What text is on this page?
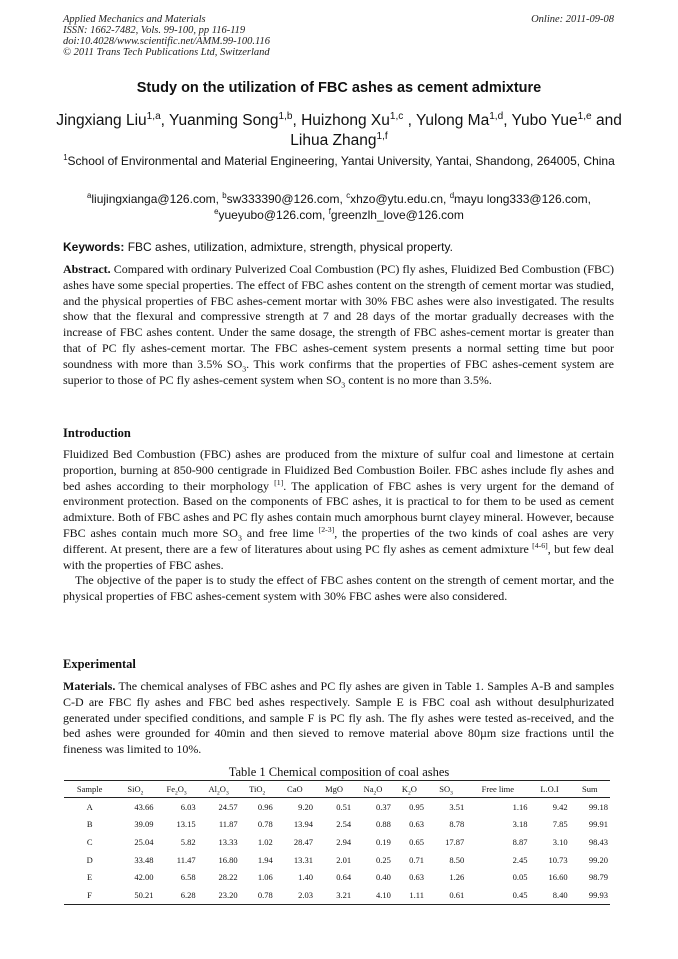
Applied Mechanics and Materials
ISSN: 1662-7482, Vols. 99-100, pp 116-119
doi:10.4028/www.scientific.net/AMM.99-100.116
© 2011 Trans Tech Publications Ltd, Switzerland
Online: 2011-09-08
Study on the utilization of FBC ashes as cement admixture
Jingxiang Liu$^{1,a}$, Yuanming Song$^{1,b}$, Huizhong Xu$^{1,c}$ , Yulong Ma$^{1,d}$, Yubo Yue$^{1,e}$ and Lihua Zhang$^{1,f}$
$^1$School of Environmental and Material Engineering, Yantai University, Yantai, Shandong, 264005, China
$^a$liujingxianga@126.com, $^b$sw333390@126.com, $^c$xhzo@ytu.edu.cn, $^d$mayu long333@126.com,
$^e$yueyubo@126.com, $^f$greenzlh_love@126.com
Keywords: FBC ashes, utilization, admixture, strength, physical property.
Abstract. Compared with ordinary Pulverized Coal Combustion (PC) fly ashes, Fluidized Bed Combustion (FBC) ashes have some special properties. The effect of FBC ashes content on the strength of cement mortar was studied, and the physical properties of FBC ashes-cement mortar with 30% FBC ashes were also investigated. The results show that the flexural and compressive strength at 7 and 28 days of the mortar gradually decreases with the increase of FBC ashes content. Under the same dosage, the strength of FBC ashes-cement mortar is greater than that of PC fly ashes-cement mortar. The FBC ashes-cement system presents a normal setting time but poor soundness with more than 3.5% $SO_3$. This work confirms that the properties of FBC ashes-cement system are superior to those of PC fly ashes-cement system when $SO_3$ content is no more than 3.5%.
Introduction
Fluidized Bed Combustion (FBC) ashes are produced from the mixture of sulfur coal and limestone at certain proportion, burning at 850-900 centigrade in Fluidized Bed Combustion Boiler. FBC ashes include fly ashes and bed ashes according to their morphology [1]. The application of FBC ashes is very urgent for the demand of environment protection. Based on the components of FBC ashes, it is practical to for them to be used as cement admixture. Both of FBC ashes and PC fly ashes contain much amorphous burnt clayey mineral. However, because FBC ashes contain much more $SO_3$ and free lime [2-3], the properties of the two kinds of coal ashes are very different. At present, there are a few of literatures about using PC fly ashes as cement admixture [4-6], but few deal with the properties of FBC ashes.
The objective of the paper is to study the effect of FBC ashes content on the strength of cement mortar, and the physical properties of FBC ashes-cement system with 30% FBC ashes were also considered.
Experimental
Materials. The chemical analyses of FBC ashes and PC fly ashes are given in Table 1. Samples A-B and samples C-D are FBC fly ashes and FBC bed ashes respectively. Sample E is FBC coal ash without desulphurizated generated under specified conditions, and sample F is PC fly ash. The fly ashes were tested as-received, and the bed ashes were grounded for 40min and then sieved to remove material above 80µm size fractions until the fineness was limited to 10%.
Table 1 Chemical composition of coal ashes
Sample	SiO$_2$	$Fe_2O_3$	$Al_2O_3$	TiO$_2$	CaO	MgO	$Na_2O$	$K_2O$	$SO_3$	Free lime	L.O.I	Sum
A	43.66	6.03	24.57	0.96	9.20	0.51	0.37	0.95	3.51	1.16	9.42	99.18
B	39.09	13.15	11.87	0.78	13.94	2.54	0.88	0.63	8.78	3.18	7.85	99.91
C	25.04	5.82	13.33	1.02	28.47	2.94	0.19	0.65	17.87	8.87	3.10	98.43
D	33.48	11.47	16.80	1.94	13.31	2.01	0.25	0.71	8.50	2.45	10.73	99.20
E	42.00	6.58	28.22	1.06	1.40	0.64	0.40	0.63	1.26	0.05	16.60	98.79
F	50.21	6.28	23.20	0.78	2.03	3.21	4.10	1.11	0.61	0.45	8.40	99.93
